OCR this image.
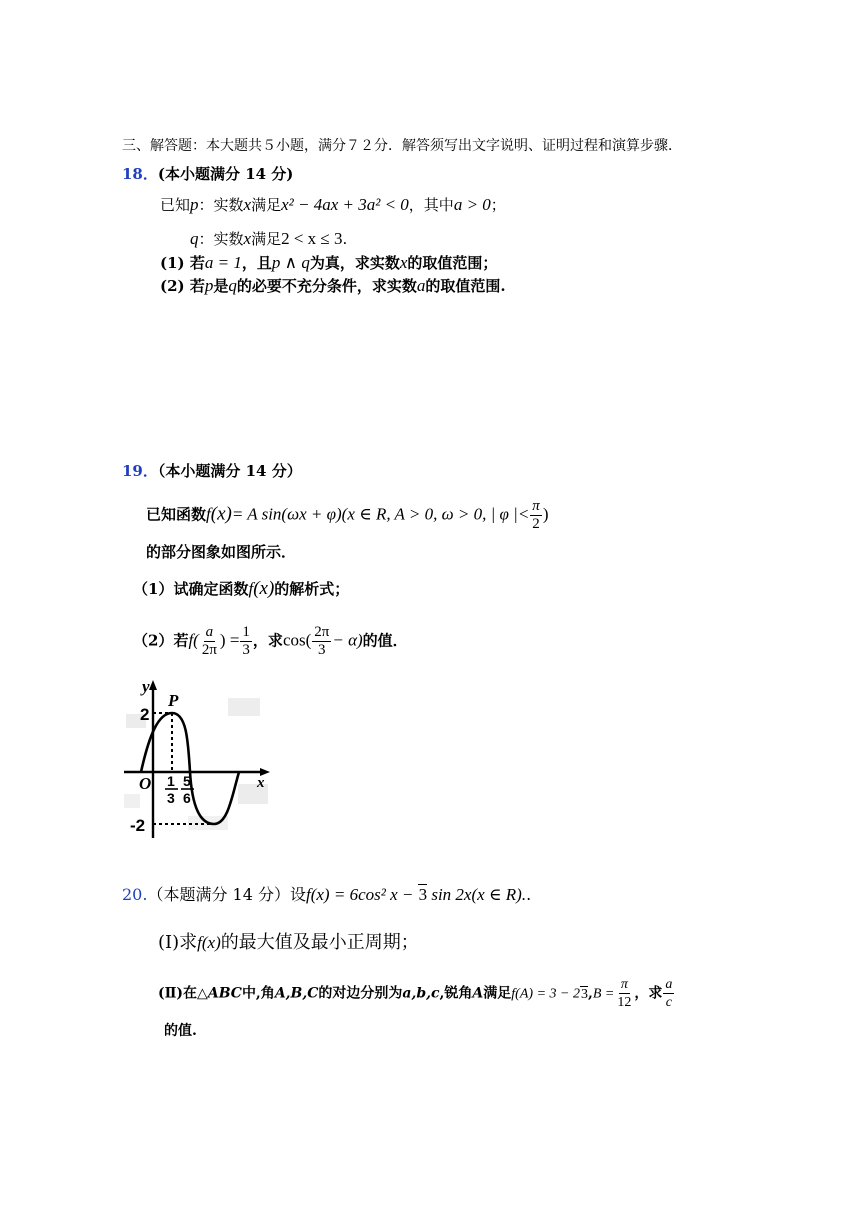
三、解答题：本大题共５小题，满分７２分．解答须写出文字说明、证明过程和演算步骤．
18．(本小题满分 14 分)
已知p：实数x满足x² − 4ax + 3a² < 0，其中a > 0；
q：实数x满足2 < x ≤ 3.
(1) 若a = 1，且p ∧ q为真，求实数x的取值范围；
(2) 若p是q的必要不充分条件，求实数a的取值范围.
19．（本小题满分 14 分）
已知函数f(x)= A sin(ωx + φ)(x ∈ R, A > 0, ω > 0, | φ |< $\frac{\pi}{2}$ )
的部分图象如图所示．
（1）试确定函数f(x)的解析式；
（2）若$f( \frac{a}{2\pi}$ ) = $\frac{1}{3}$ ，求$\cos( \frac{2\pi}{3} - \alpha)$的值．
y
x
O
P
2
-2
1
3
5
6
20.（本题满分 14 分）设f(x) = 6cos² x − 3 sin 2x(x ∈ R)..
(Ⅰ)求f(x)的最大值及最小正周期；
(Ⅱ)在△ABC中,角A,B,C的对边分别为a,b,c,锐角A满足$f(A) = 3 - 23,B = \frac{\pi}{12}$ ，求 $\frac{a}{c}$
的值.
